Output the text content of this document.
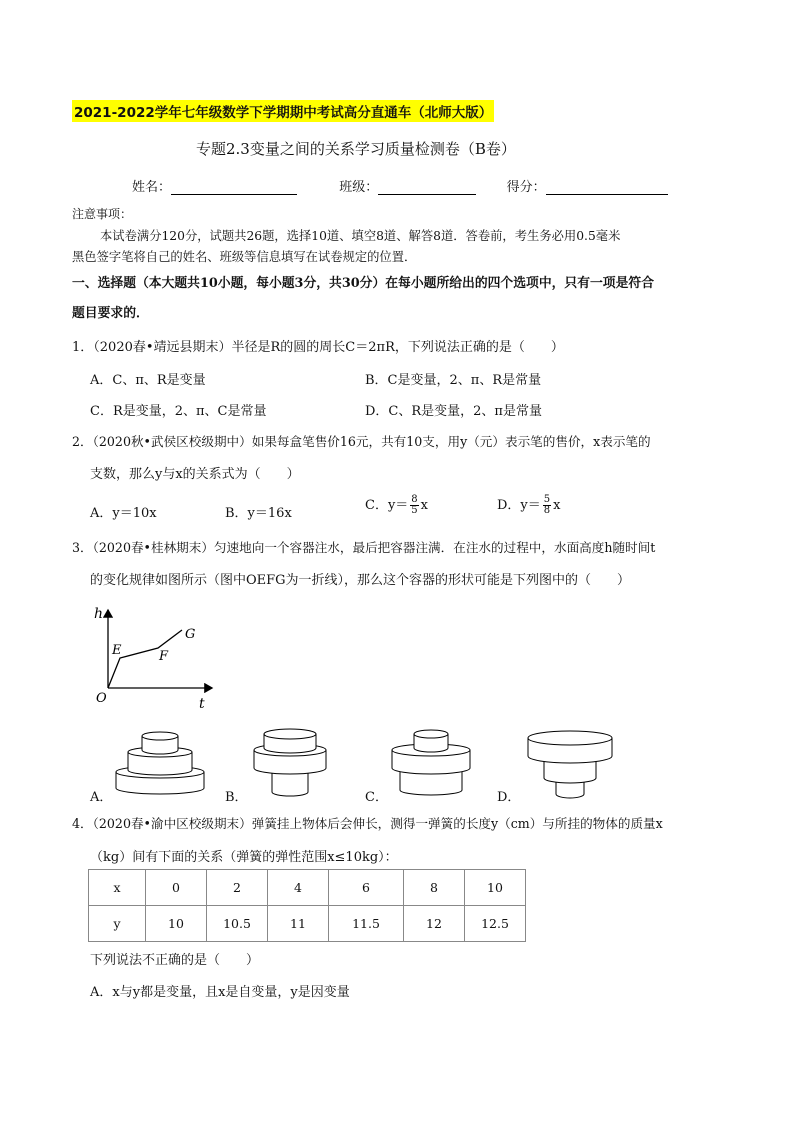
2021-2022学年七年级数学下学期期中考试高分直通车（北师大版）
专题2.3变量之间的关系学习质量检测卷（B卷）
姓名：	班级：	得分：
注意事项：
本试卷满分120分，试题共26题，选择10道、填空8道、解答8道．答卷前，考生务必用0.5毫米
黑色签字笔将自己的姓名、班级等信息填写在试卷规定的位置．
一、选择题（本大题共10小题，每小题3分，共30分）在每小题所给出的四个选项中，只有一项是符合
题目要求的．
1．（2020春•靖远县期末）半径是R的圆的周长C＝2πR，下列说法正确的是（　　）
A．C、π、R是变量	B．C是变量，2、π、R是常量
C．R是变量，2、π、C是常量	D．C、R是变量，2、π是常量
2．（2020秋•武侯区校级期中）如果每盒笔售价16元，共有10支，用y（元）表示笔的售价，x表示笔的
支数，那么y与x的关系式为（　　）
A．y＝10x	B．y＝16x
C．$y= \frac{8}{5}$ x	D．$y= \frac{5}{8}$ x
3．（2020春•桂林期末）匀速地向一个容器注水，最后把容器注满．在注水的过程中，水面高度h随时间t
的变化规律如图所示（图中OEFG为一折线），那么这个容器的形状可能是下列图中的（　　）
h
t
O
E	F
G
A．	B．	C．	D．
4．（2020春•渝中区校级期末）弹簧挂上物体后会伸长，测得一弹簧的长度y（cm）与所挂的物体的质量x
（kg）间有下面的关系（弹簧的弹性范围x≤10kg）：
x	0	2	4	6	8	10
y	10	10.5	11	11.5	12	12.5
下列说法不正确的是（　　）
A．x与y都是变量，且x是自变量，y是因变量
